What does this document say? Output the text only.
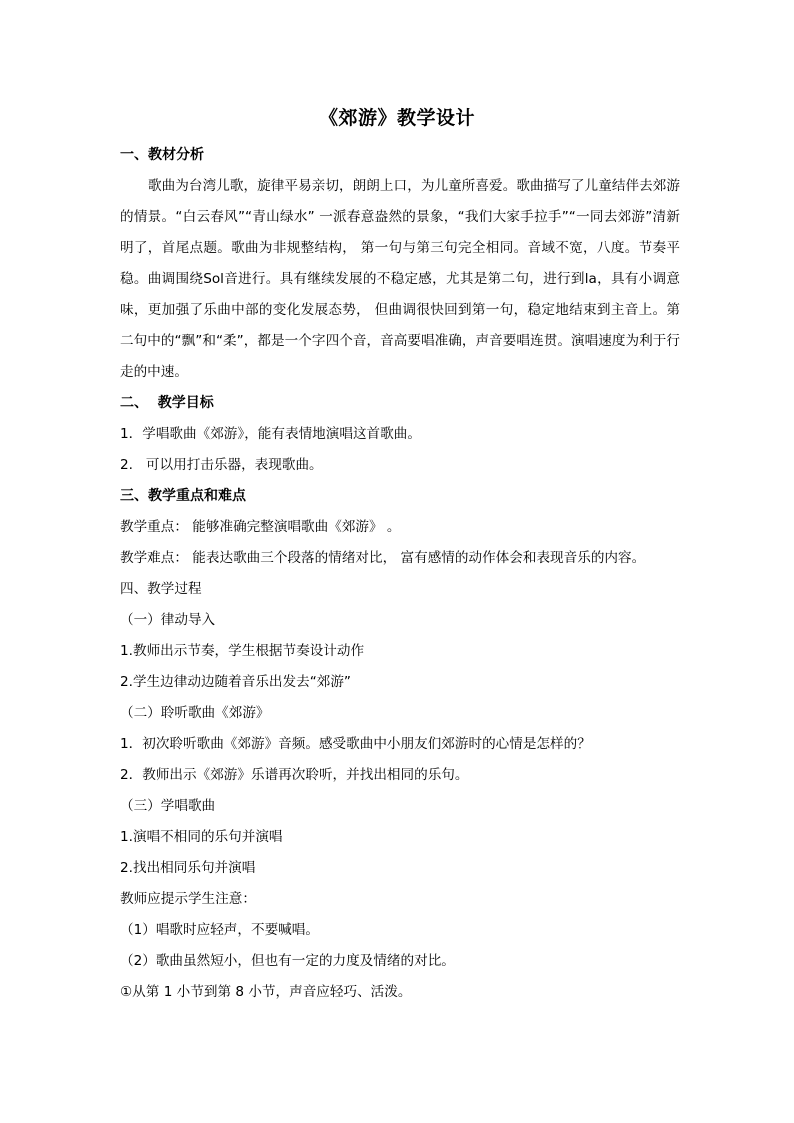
《郊游》教学设计
一、教材分析
歌曲为台湾儿歌，旋律平易亲切，朗朗上口，为儿童所喜爱。歌曲描写了儿童结伴去郊游的情景。“白云春风”“青山绿水” 一派春意盎然的景象，“我们大家手拉手”“一同去郊游”清新明了，首尾点题。歌曲为非规整结构， 第一句与第三句完全相同。音域不宽，八度。节奏平稳。曲调围绕Sol音进行。具有继续发展的不稳定感，尤其是第二句，进行到la，具有小调意味，更加强了乐曲中部的变化发展态势， 但曲调很快回到第一句，稳定地结束到主音上。第二句中的“飘”和“柔”，都是一个字四个音，音高要唱准确，声音要唱连贯。演唱速度为利于行走的中速。
二、  教学目标
1．学唱歌曲《郊游》，能有表情地演唱这首歌曲。
2.   可以用打击乐器，表现歌曲。
三、教学重点和难点
教学重点： 能够准确完整演唱歌曲《郊游》 。
教学难点： 能表达歌曲三个段落的情绪对比， 富有感情的动作体会和表现音乐的内容。
四、教学过程
（一）律动导入
1.教师出示节奏，学生根据节奏设计动作
2.学生边律动边随着音乐出发去“郊游”
（二）聆听歌曲《郊游》
1．初次聆听歌曲《郊游》音频。感受歌曲中小朋友们郊游时的心情是怎样的？
2．教师出示《郊游》乐谱再次聆听，并找出相同的乐句。
（三）学唱歌曲
1.演唱不相同的乐句并演唱
2.找出相同乐句并演唱
教师应提示学生注意：
（1）唱歌时应轻声，不要喊唱。
（2）歌曲虽然短小，但也有一定的力度及情绪的对比。
①从第 1 小节到第 8 小节，声音应轻巧、活泼。
